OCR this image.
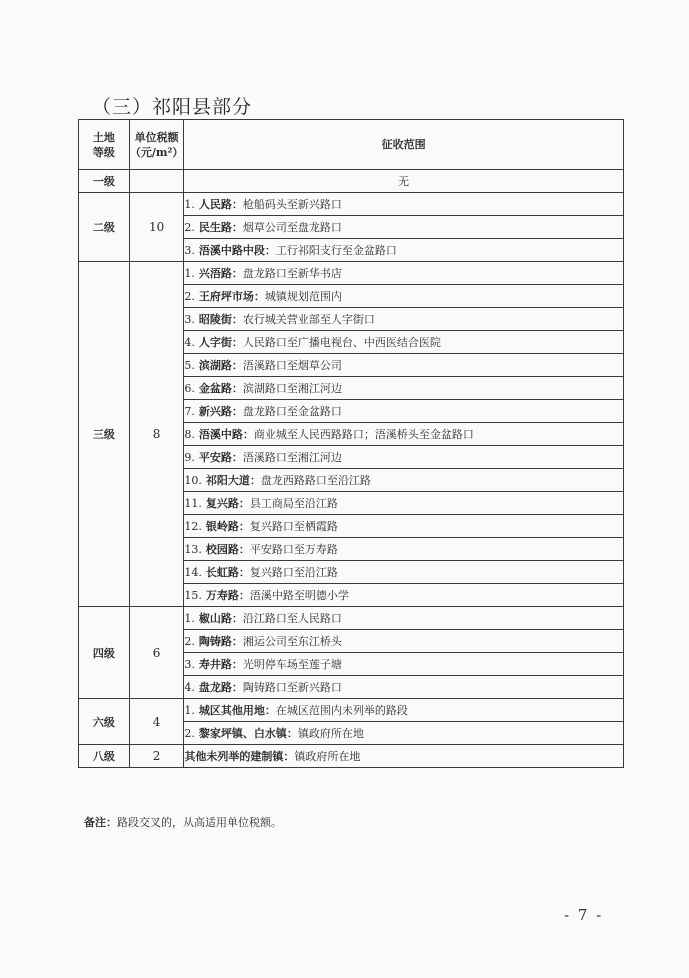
（三）祁阳县部分
土地
等级	单位税额
（元/m²）	征收范围
一级		无
二级	10	1. 人民路：枪船码头至新兴路口
		2. 民生路：烟草公司至盘龙路口
		3. 浯溪中路中段：工行祁阳支行至金盆路口
三级	8	1. 兴浯路：盘龙路口至新华书店
		2. 王府坪市场：城镇规划范围内
		3. 昭陵街：农行城关营业部至人字街口
		4. 人字街：人民路口至广播电视台、中西医结合医院
		5. 滨湖路：浯溪路口至烟草公司
		6. 金盆路：滨湖路口至湘江河边
		7. 新兴路：盘龙路口至金盆路口
		8. 浯溪中路：商业城至人民西路路口；浯溪桥头至金盆路口
		9. 平安路：浯溪路口至湘江河边
		10. 祁阳大道：盘龙西路路口至沿江路
		11. 复兴路：县工商局至沿江路
		12. 银岭路：复兴路口至栖霞路
		13. 校园路：平安路口至万寿路
		14. 长虹路：复兴路口至沿江路
		15. 万寿路：浯溪中路至明德小学
四级	6	1. 椒山路：沿江路口至人民路口
		2. 陶铸路：湘运公司至东江桥头
		3. 寿井路：光明停车场至莲子塘
		4. 盘龙路：陶铸路口至新兴路口
六级	4	1. 城区其他用地：在城区范围内未列举的路段
		2. 黎家坪镇、白水镇：镇政府所在地
八级	2	其他未列举的建制镇：镇政府所在地
备注：路段交叉的，从高适用单位税额。
- 7 -
